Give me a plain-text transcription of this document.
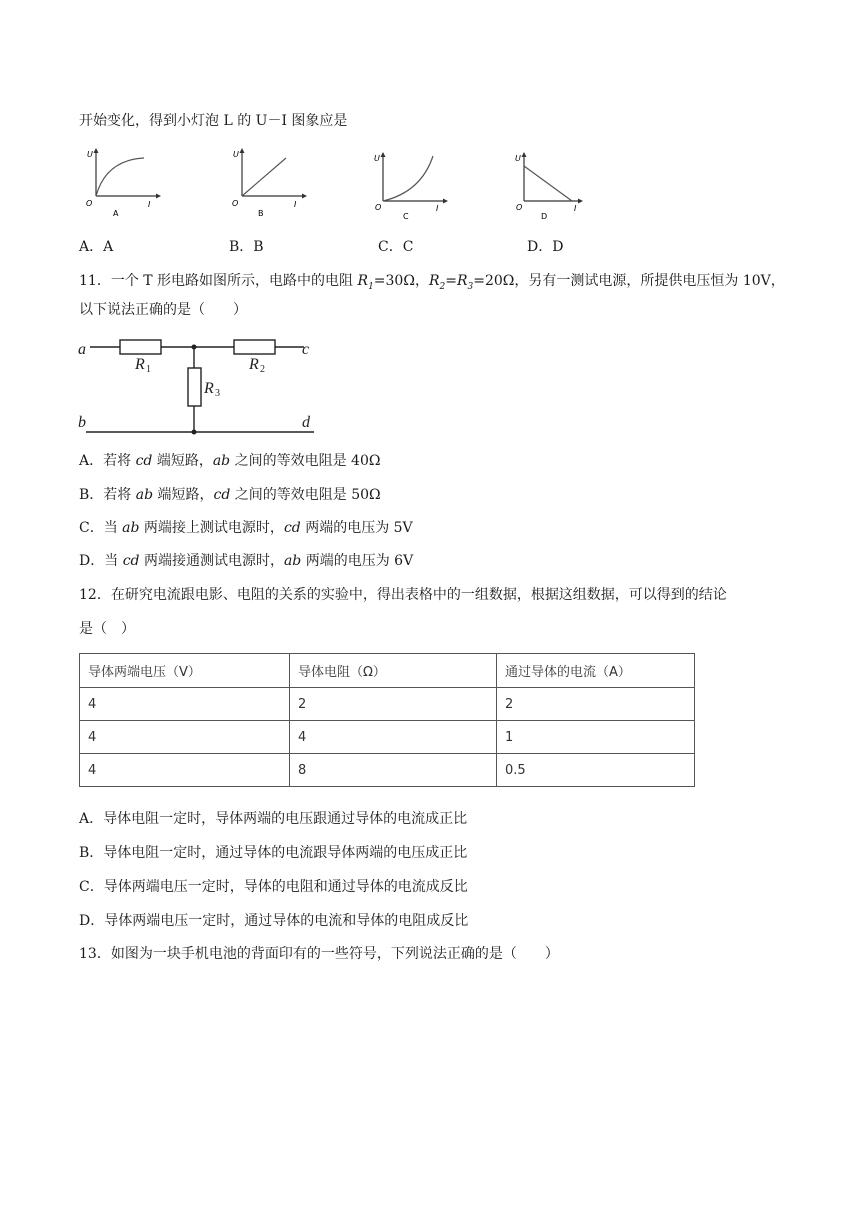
开始变化，得到小灯泡 L 的 U－I 图象应是
U
O	I
A
U
O	I
B
U
O	I
C
U
O	I
D
A．A	B．B	C．C	D．D
11．一个 T 形电路如图所示，电路中的电阻 $R_1=30\Omega$，$R_2=R_3=20\Omega$，另有一测试电源，所提供电压恒为 10V，
以下说法正确的是（　　）
a	c
b	d
R	R
R
1	2
3
A．若将 cd 端短路，ab 之间的等效电阻是 40Ω
B．若将 ab 端短路，cd 之间的等效电阻是 50Ω
C．当 ab 两端接上测试电源时，cd 两端的电压为 5V
D．当 cd 两端接通测试电源时，ab 两端的电压为 6V
12．在研究电流跟电影、电阻的关系的实验中，得出表格中的一组数据，根据这组数据，可以得到的结论
是（　）
导体两端电压（V）	导体电阻（Ω）	通过导体的电流（A）
4	2	2
4	4	1
4	8	0.5
A．导体电阻一定时，导体两端的电压跟通过导体的电流成正比
B．导体电阻一定时，通过导体的电流跟导体两端的电压成正比
C．导体两端电压一定时，导体的电阻和通过导体的电流成反比
D．导体两端电压一定时，通过导体的电流和导体的电阻成反比
13．如图为一块手机电池的背面印有的一些符号，下列说法正确的是（　　）
